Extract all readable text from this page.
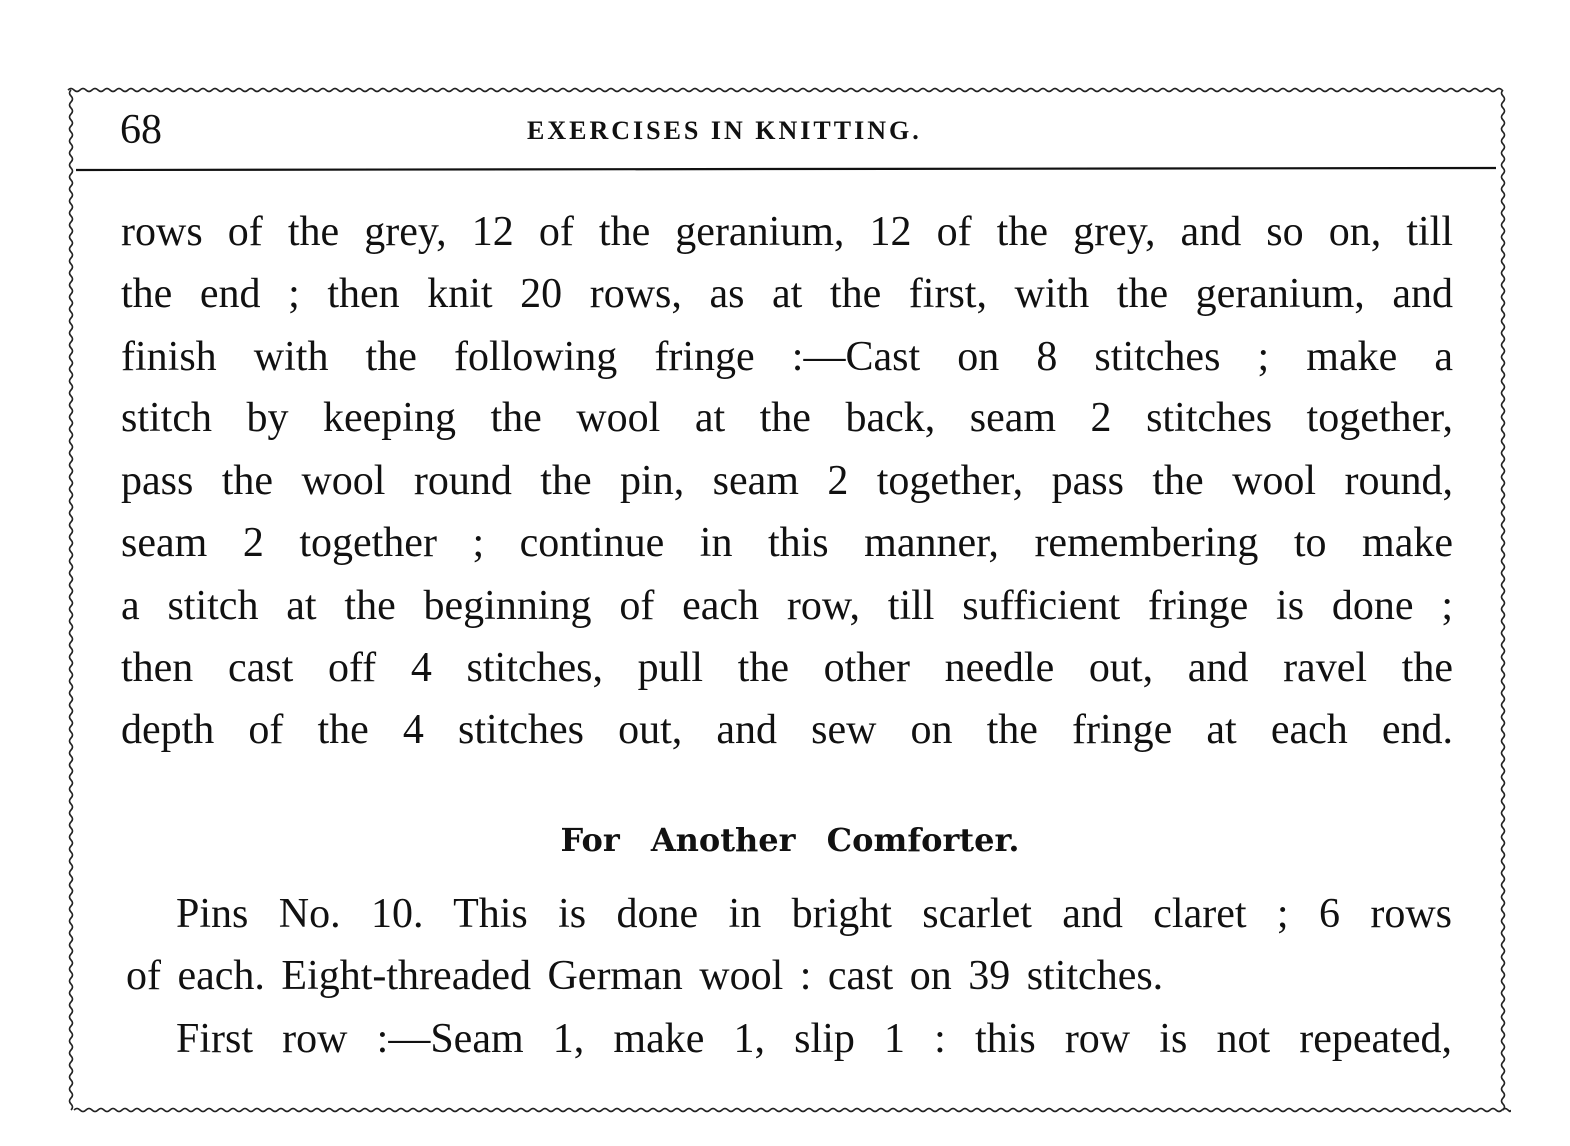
68	EXERCISES IN KNITTING.
rows of the grey, 12 of the geranium, 12 of the grey, and so on, till
the end ; then knit 20 rows, as at the first, with the geranium, and
finish with the following fringe :—Cast on 8 stitches ; make a
stitch by keeping the wool at the back, seam 2 stitches together,
pass the wool round the pin, seam 2 together, pass the wool round,
seam 2 together ; continue in this manner, remembering to make
a stitch at the beginning of each row, till sufficient fringe is done ;
then cast off 4 stitches, pull the other needle out, and ravel the
depth of the 4 stitches out, and sew on the fringe at each end.
For Another Comforter.
Pins No. 10. This is done in bright scarlet and claret ; 6 rows
of each. Eight-threaded German wool : cast on 39 stitches.
First row :—Seam 1, make 1, slip 1 : this row is not repeated,
